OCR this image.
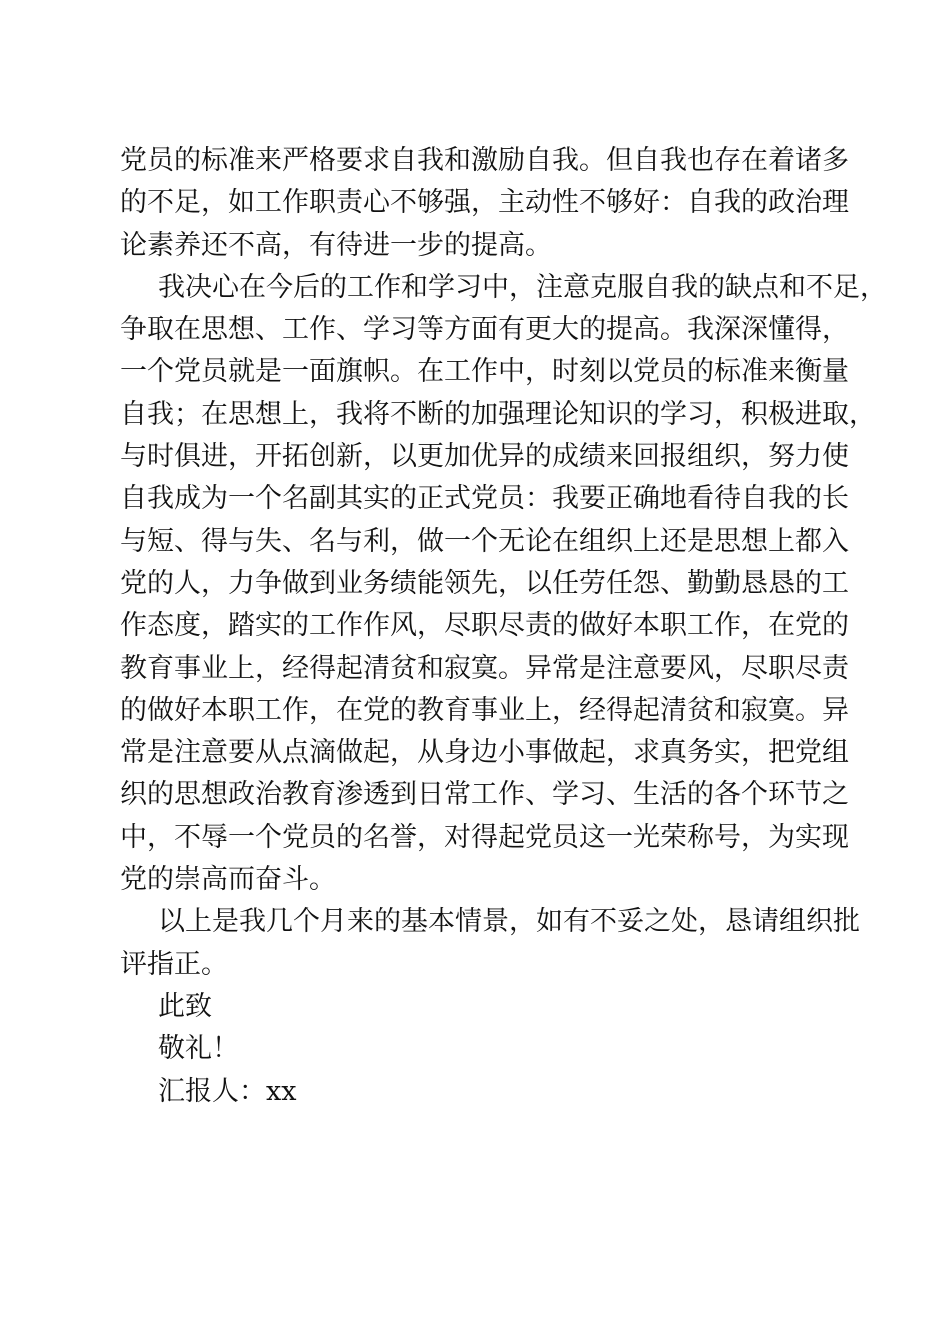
党员的标准来严格要求自我和激励自我。但自我也存在着诸多
的不足，如工作职责心不够强，主动性不够好：自我的政治理
论素养还不高，有待进一步的提高。
我决心在今后的工作和学习中，注意克服自我的缺点和不足，
争取在思想、工作、学习等方面有更大的提高。我深深懂得，
一个党员就是一面旗帜。在工作中，时刻以党员的标准来衡量
自我；在思想上，我将不断的加强理论知识的学习，积极进取，
与时俱进，开拓创新，以更加优异的成绩来回报组织，努力使
自我成为一个名副其实的正式党员：我要正确地看待自我的长
与短、得与失、名与利，做一个无论在组织上还是思想上都入
党的人，力争做到业务绩能领先，以任劳任怨、勤勤恳恳的工
作态度，踏实的工作作风，尽职尽责的做好本职工作，在党的
教育事业上，经得起清贫和寂寞。异常是注意要风，尽职尽责
的做好本职工作，在党的教育事业上，经得起清贫和寂寞。异
常是注意要从点滴做起，从身边小事做起，求真务实，把党组
织的思想政治教育渗透到日常工作、学习、生活的各个环节之
中，不辱一个党员的名誉，对得起党员这一光荣称号，为实现
党的崇高而奋斗。
以上是我几个月来的基本情景，如有不妥之处，恳请组织批
评指正。
此致
敬礼！
汇报人：xx
